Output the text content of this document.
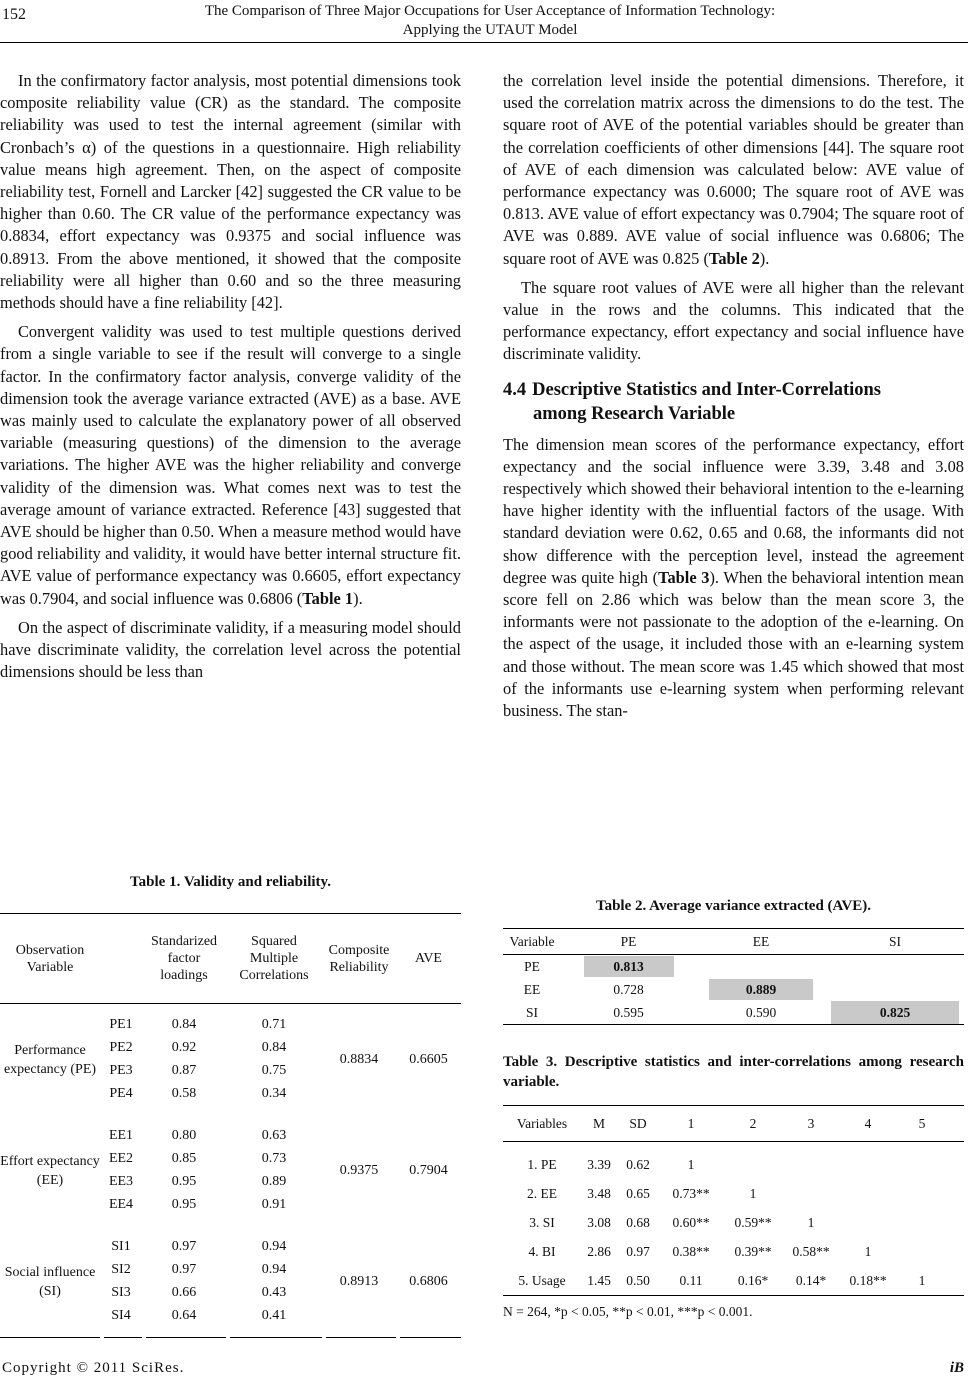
152	The Comparison of Three Major Occupations for User Acceptance of Information Technology:
Applying the UTAUT Model

In the confirmatory factor analysis, most potential dimensions took composite reliability value (CR) as the standard. The composite reliability was used to test the internal agreement (similar with Cronbach’s α) of the questions in a questionnaire. High reliability value means high agreement. Then, on the aspect of composite reliability test, Fornell and Larcker [42] suggested the CR value to be higher than 0.60. The CR value of the performance expectancy was 0.8834, effort expectancy was 0.9375 and social influence was 0.8913. From the above mentioned, it showed that the composite reliability were all higher than 0.60 and so the three measuring methods should have a fine reliability [42].

Convergent validity was used to test multiple questions derived from a single variable to see if the result will converge to a single factor. In the confirmatory factor analysis, converge validity of the dimension took the average variance extracted (AVE) as a base. AVE was mainly used to calculate the explanatory power of all observed variable (measuring questions) of the dimension to the average variations. The higher AVE was the higher reliability and converge validity of the dimension was. What comes next was to test the average amount of variance extracted. Reference [43] suggested that AVE should be higher than 0.50. When a measure method would have good reliability and validity, it would have better internal structure fit. AVE value of performance expectancy was 0.6605, effort expectancy was 0.7904, and social influence was 0.6806 (Table 1).

On the aspect of discriminate validity, if a measuring model should have discriminate validity, the correlation level across the potential dimensions should be less than

the correlation level inside the potential dimensions. Therefore, it used the correlation matrix across the dimensions to do the test. The square root of AVE of the potential variables should be greater than the correlation coefficients of other dimensions [44]. The square root of AVE of each dimension was calculated below: AVE value of performance expectancy was 0.6000; The square root of AVE was 0.813. AVE value of effort expectancy was 0.7904; The square root of AVE was 0.889. AVE value of social influence was 0.6806; The square root of AVE was 0.825 (Table 2).

The square root values of AVE were all higher than the relevant value in the rows and the columns. This indicated that the performance expectancy, effort expectancy and social influence have discriminate validity.

4.4 Descriptive Statistics and Inter-Correlations
among Research Variable

The dimension mean scores of the performance expectancy, effort expectancy and the social influence were 3.39, 3.48 and 3.08 respectively which showed their behavioral intention to the e-learning have higher identity with the influential factors of the usage. With standard deviation were 0.62, 0.65 and 0.68, the informants did not show difference with the perception level, instead the agreement degree was quite high (Table 3). When the behavioral intention mean score fell on 2.86 which was below than the mean score 3, the informants were not passionate to the adoption of the e-learning. On the aspect of the usage, it included those with an e-learning system and those without. The mean score was 1.45 which showed that most of the informants use e-learning system when performing relevant business. The stan-

Table 1. Validity and reliability.
Observation Variable
Standarized factor loadings
Squared Multiple Correlations
Composite Reliability
AVE
Performance expectancy (PE)
PE1	0.84	0.71
PE2	0.92	0.84
PE3	0.87	0.75
PE4	0.58	0.34
0.8834	0.6605
Effort expectancy (EE)
EE1	0.80	0.63
EE2	0.85	0.73
EE3	0.95	0.89
EE4	0.95	0.91
0.9375	0.7904
Social influence (SI)
SI1	0.97	0.94
SI2	0.97	0.94
SI3	0.66	0.43
SI4	0.64	0.41
0.8913	0.6806
Table 2. Average variance extracted (AVE).
Variable	PE	EE	SI
PE	0.813
EE	0.728	0.889
SI	0.595	0.590	0.825
Table 3. Descriptive statistics and inter-correlations among research variable.
Variables	M	SD	1	2	3	4	5
1. PE	3.39	0.62	1
2. EE	3.48	0.65	0.73**	1
3. SI	3.08	0.68	0.60**	0.59**	1
4. BI	2.86	0.97	0.38**	0.39**	0.58**	1
5. Usage	1.45	0.50	0.11	0.16*	0.14*	0.18**	1
N = 264, *p < 0.05, **p < 0.01, ***p < 0.001.
Copyright © 2011 SciRes.	iB
